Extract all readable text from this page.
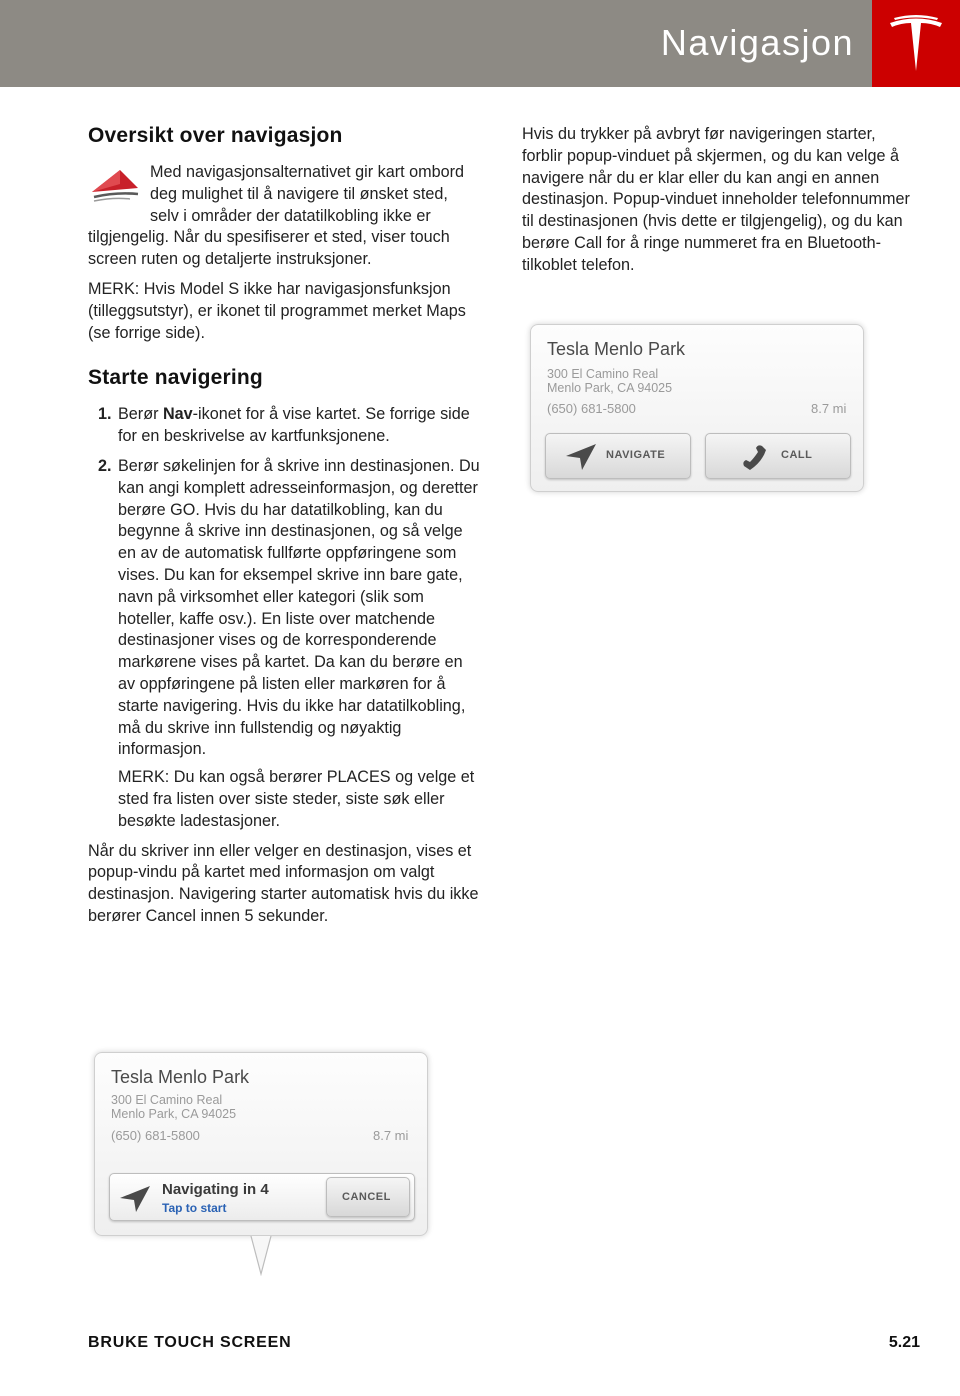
Navigasjon
Oversikt over navigasjon

Med navigasjonsalternativet gir kart ombord deg mulighet til å navigere til ønsket sted, selv i områder der datatilkobling ikke er tilgjengelig. Når du spesifiserer et sted, viser touch screen ruten og detaljerte instruksjoner.

MERK: Hvis Model S ikke har navigasjonsfunksjon (tilleggsutstyr), er ikonet til programmet merket Maps (se forrige side).

Starte navigering
1. Berør Nav-ikonet for å vise kartet. Se forrige side for en beskrivelse av kartfunksjonene.

2. Berør søkelinjen for å skrive inn destinasjonen. Du kan angi komplett adresseinformasjon, og deretter berøre GO. Hvis du har datatilkobling, kan du begynne å skrive inn destinasjonen, og så velge en av de automatisk fullførte oppføringene som vises. Du kan for eksempel skrive inn bare gate, navn på virksomhet eller kategori (slik som hoteller, kaffe osv.). En liste over matchende destinasjoner vises og de korresponderende markørene vises på kartet. Da kan du berøre en av oppføringene på listen eller markøren for å starte navigering. Hvis du ikke har datatilkobling, må du skrive inn fullstendig og nøyaktig informasjon.

MERK: Du kan også berører PLACES og velge et sted fra listen over siste steder, siste søk eller besøkte ladestasjoner.

Når du skriver inn eller velger en destinasjon, vises et popup-vindu på kartet med informasjon om valgt destinasjon. Navigering starter automatisk hvis du ikke berører Cancel innen 5 sekunder.

Hvis du trykker på avbryt før navigeringen starter, forblir popup-vinduet på skjermen, og du kan velge å navigere når du er klar eller du kan angi en annen destinasjon. Popup-vinduet inneholder telefonnummer til destinasjonen (hvis dette er tilgjengelig), og du kan berøre Call for å ringe nummeret fra en Bluetooth-tilkoblet telefon.

Tesla Menlo Park
300 El Camino Real
Menlo Park, CA 94025
(650) 681-5800	8.7 mi
NAVIGATE	CALL
Tesla Menlo Park
300 El Camino Real
Menlo Park, CA 94025
(650) 681-5800	8.7 mi
Navigating in 4
Tap to start
CANCEL
BRUKE TOUCH SCREEN	5.21
